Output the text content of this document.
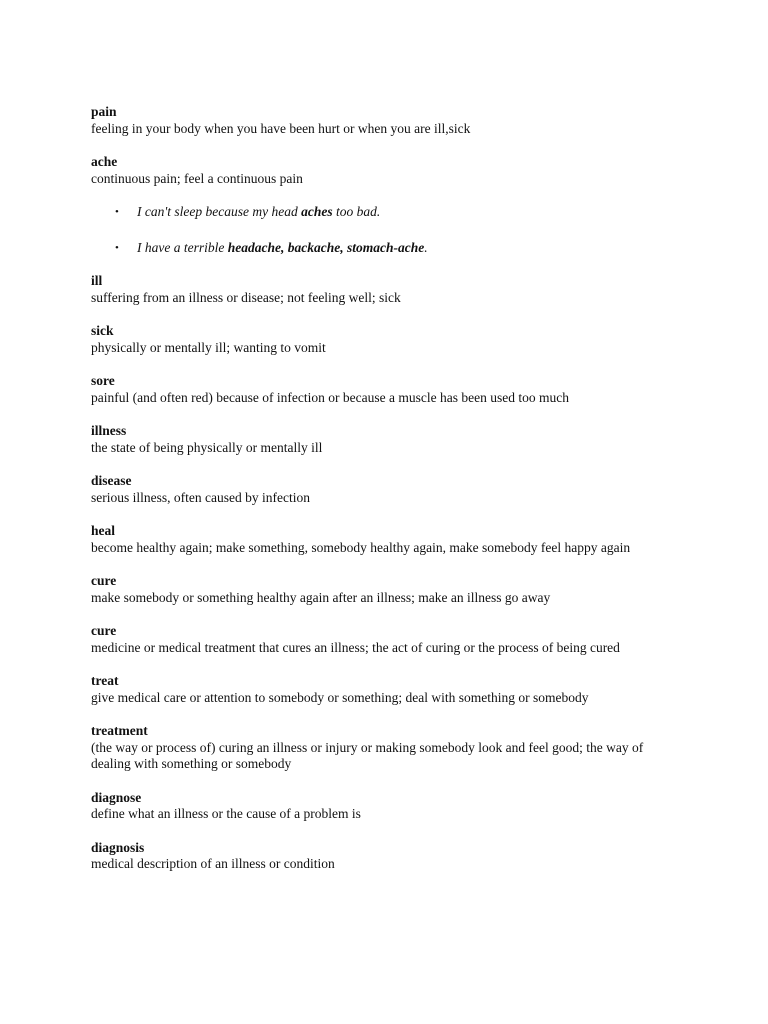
pain
feeling in your body when you have been hurt or when you are ill,sick
ache
continuous pain; feel a continuous pain
• I can't sleep because my head aches too bad.
• I have a terrible headache, backache, stomach-ache.
ill
suffering from an illness or disease; not feeling well; sick
sick
physically or mentally ill; wanting to vomit
sore
painful (and often red) because of infection or because a muscle has been used too much
illness
the state of being physically or mentally ill
disease
serious illness, often caused by infection
heal
become healthy again; make something, somebody healthy again, make somebody feel happy again
cure
make somebody or something healthy again after an illness; make an illness go away
cure
medicine or medical treatment that cures an illness; the act of curing or the process of being cured
treat
give medical care or attention to somebody or something; deal with something or somebody
treatment
(the way or process of) curing an illness or injury or making somebody look and feel good; the way of dealing with something or somebody
diagnose
define what an illness or the cause of a problem is
diagnosis
medical description of an illness or condition
